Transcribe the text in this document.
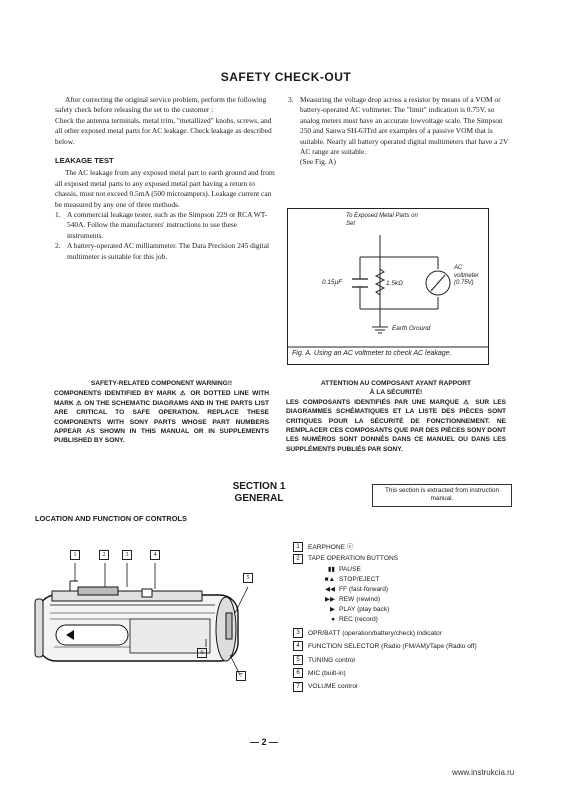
SAFETY CHECK-OUT

After correcting the original service problem, perform the following safety check before releasing the set to the customer :

Check the antenna terminals, metal trim, "metallized" knobs, screws, and all other exposed metal parts for AC leakage. Check leakage as described below.

LEAKAGE TEST

The AC leakage from any exposed metal part to earth ground and from all exposed metal parts to any exposed metal part having a return to chassis, must not exceed 0.5mA (500 microampers). Leakage current can be measured by any one of three methods.

1. A commercial leakage tester, such as the Simpson 229 or RCA WT-540A. Follow the manufacturers' instructions to use these instruments.
2. A battery-operated AC milliammeter. The Data Precision 245 digital multimeter is suitable for this job.
3. Measuring the voltage drop across a resistor by means of a VOM or battery-operated AC voltmeter. The "limit" indication is 0.75V, so analog meters must have an accurate lowvoltage scale. The Simpson 250 and Sanwa SH-63Trd are examples of a passive VOM that is suitable. Nearly all battery operated digital multimeters that have a 2V AC range are suitable.
(See Fig. A)
To Exposed Metal Parts on Set
0.15µF	1.5kΩ
AC
voltmeter
(0.75V)
Earth Ground
Fig. A. Using an AC voltmeter to check AC leakage.
SAFETY-RELATED COMPONENT WARNING!!
COMPONENTS IDENTIFIED BY MARK ⚠ OR DOTTED LINE WITH MARK ⚠ ON THE SCHEMATIC DIAGRAMS AND IN THE PARTS LIST ARE CRITICAL TO SAFE OPERATION. REPLACE THESE COMPONENTS WITH SONY PARTS WHOSE PART NUMBERS APPEAR AS SHOWN IN THIS MANUAL OR IN SUPPLEMENTS PUBLISHED BY SONY.
ATTENTION AU COMPOSANT AYANT RAPPORT
À LA SÉCURITÉ!
LES COMPOSANTS IDENTIFIÉS PAR UNE MARQUE ⚠ SUR LES DIAGRAMMES SCHÉMATIQUES ET LA LISTE DES PIÈCES SONT CRITIQUES POUR LA SÉCURITÉ DE FONCTIONNEMENT. NE REMPLACER CES COMPOSANTS QUE PAR DES PIÈCES SONY DONT LES NUMÉROS SONT DONNÉS DANS CE MANUEL OU DANS LES SUPPLÉMENTS PUBLIÉS PAR SONY.
SECTION 1
GENERAL
This section is extracted from instruction manual.
LOCATION AND FUNCTION OF CONTROLS
1	2	3	4
5
6
7
1 EARPHONE ⓔ
2 TAPE OPERATION BUTTONS
▮▮ PAUSE
■▲ STOP/EJECT
◀◀ FF (fast-forward)
▶▶ REW (rewind)
▶ PLAY (play back)
● REC (record)
3 OPR/BATT (operation/battery/check) indicator
4 FUNCTION SELECTOR (Radio (FM/AM)/Tape (Radio off)
5 TUNING control
6 MIC (built-in)
7 VOLUME control
— 2 —
www.instrukcia.ru
